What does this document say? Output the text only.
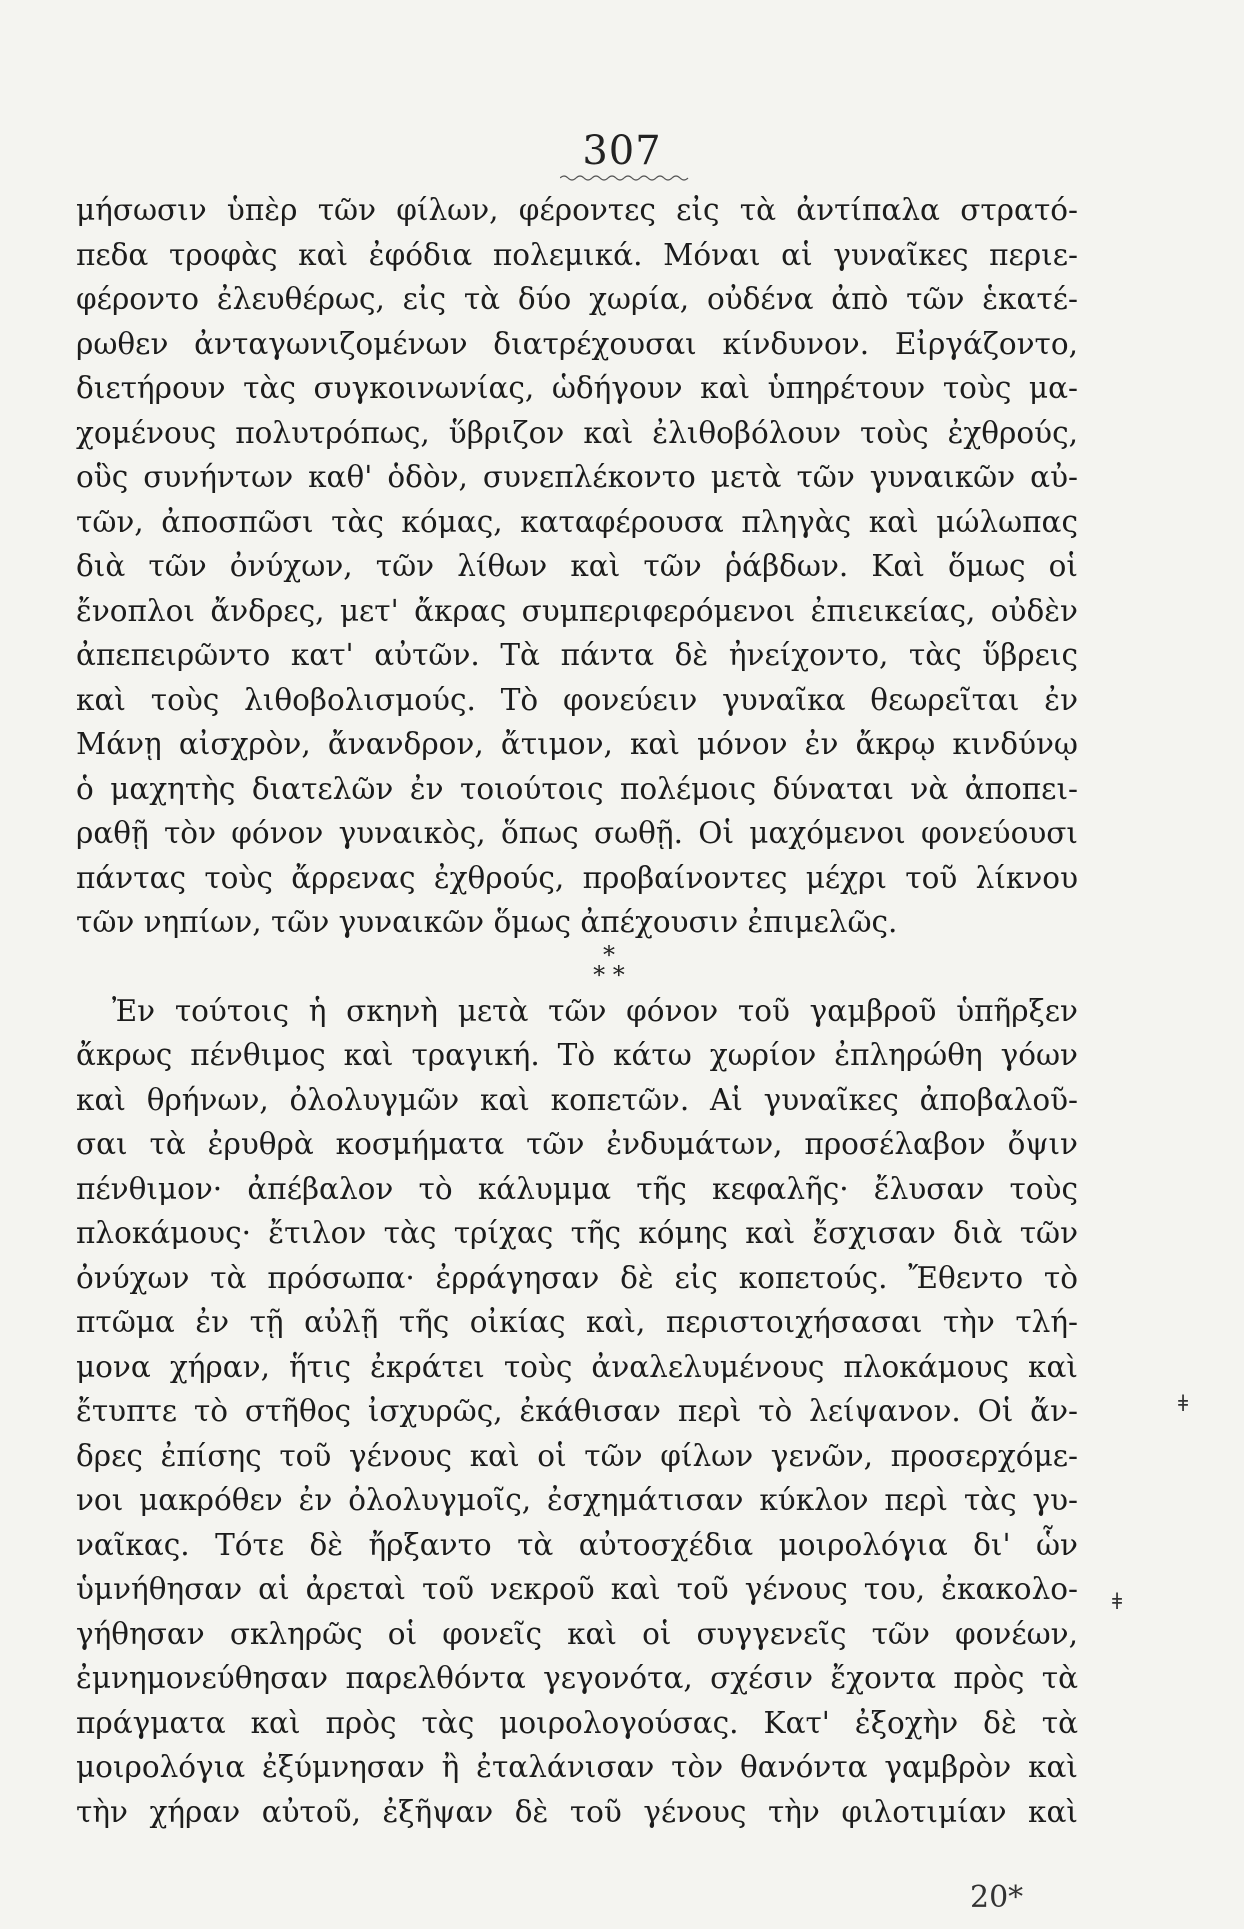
307
μήσωσιν ὑπὲρ τῶν φίλων, φέροντες εἰς τὰ ἀντίπαλα στρατό-
πεδα τροφὰς καὶ ἐφόδια πολεμικά. Μόναι αἱ γυναῖκες περιε-
φέροντο ἐλευθέρως, εἰς τὰ δύο χωρία, οὐδένα ἀπὸ τῶν ἑκατέ-
ρωθεν ἀνταγωνιζομένων διατρέχουσαι κίνδυνον. Εἰργάζοντο,
διετήρουν τὰς συγκοινωνίας, ὡδήγουν καὶ ὑπηρέτουν τοὺς μα-
χομένους πολυτρόπως, ὕβριζον καὶ ἐλιθοβόλουν τοὺς ἐχθρούς,
οὓς συνήντων καθ' ὁδὸν, συνεπλέκοντο μετὰ τῶν γυναικῶν αὐ-
τῶν, ἀποσπῶσι τὰς κόμας, καταφέρουσα πληγὰς καὶ μώλωπας
διὰ τῶν ὀνύχων, τῶν λίθων καὶ τῶν ῥάβδων. Καὶ ὅμως οἱ
ἔνοπλοι ἄνδρες, μετ' ἄκρας συμπεριφερόμενοι ἐπιεικείας, οὐδὲν
ἀπεπειρῶντο κατ' αὐτῶν. Τὰ πάντα δὲ ἠνείχοντο, τὰς ὕβρεις
καὶ τοὺς λιθοβολισμούς. Τὸ φονεύειν γυναῖκα θεωρεῖται ἐν
Μάνῃ αἰσχρὸν, ἄνανδρον, ἄτιμον, καὶ μόνον ἐν ἄκρῳ κινδύνῳ
ὁ μαχητὴς διατελῶν ἐν τοιούτοις πολέμοις δύναται νὰ ἀποπει-
ραθῇ τὸν φόνον γυναικὸς, ὅπως σωθῇ. Οἱ μαχόμενοι φονεύουσι
πάντας τοὺς ἄρρενας ἐχθρούς, προβαίνοντες μέχρι τοῦ λίκνου
τῶν νηπίων, τῶν γυναικῶν ὅμως ἀπέχουσιν ἐπιμελῶς.
*
* *
Ἐν τούτοις ἡ σκηνὴ μετὰ τῶν φόνον τοῦ γαμβροῦ ὑπῆρξεν
ἄκρως πένθιμος καὶ τραγική. Τὸ κάτω χωρίον ἐπληρώθη γόων
καὶ θρήνων, ὀλολυγμῶν καὶ κοπετῶν. Αἱ γυναῖκες ἀποβαλοῦ-
σαι τὰ ἐρυθρὰ κοσμήματα τῶν ἐνδυμάτων, προσέλαβον ὄψιν
πένθιμον· ἀπέβαλον τὸ κάλυμμα τῆς κεφαλῆς· ἔλυσαν τοὺς
πλοκάμους· ἔτιλον τὰς τρίχας τῆς κόμης καὶ ἔσχισαν διὰ τῶν
ὀνύχων τὰ πρόσωπα· ἐρράγησαν δὲ εἰς κοπετούς. Ἔθεντο τὸ
πτῶμα ἐν τῇ αὐλῇ τῆς οἰκίας καὶ, περιστοιχήσασαι τὴν τλή-
μονα χήραν, ἥτις ἐκράτει τοὺς ἀναλελυμένους πλοκάμους καὶ
ἔτυπτε τὸ στῆθος ἰσχυρῶς, ἐκάθισαν περὶ τὸ λείψανον. Οἱ ἄν-
δρες ἐπίσης τοῦ γένους καὶ οἱ τῶν φίλων γενῶν, προσερχόμε-
νοι μακρόθεν ἐν ὀλολυγμοῖς, ἐσχημάτισαν κύκλον περὶ τὰς γυ-
ναῖκας. Τότε δὲ ἤρξαντο τὰ αὐτοσχέδια μοιρολόγια δι' ὧν
ὑμνήθησαν αἱ ἀρεταὶ τοῦ νεκροῦ καὶ τοῦ γένους του, ἐκακολο-
γήθησαν σκληρῶς οἱ φονεῖς καὶ οἱ συγγενεῖς τῶν φονέων,
ἐμνημονεύθησαν παρελθόντα γεγονότα, σχέσιν ἔχοντα πρὸς τὰ
πράγματα καὶ πρὸς τὰς μοιρολογούσας. Κατ' ἐξοχὴν δὲ τὰ
μοιρολόγια ἐξύμνησαν ἢ ἐταλάνισαν τὸν θανόντα γαμβρὸν καὶ
τὴν χήραν αὐτοῦ, ἐξῆψαν δὲ τοῦ γένους τὴν φιλοτιμίαν καὶ
ǂ
ǂ
20*
